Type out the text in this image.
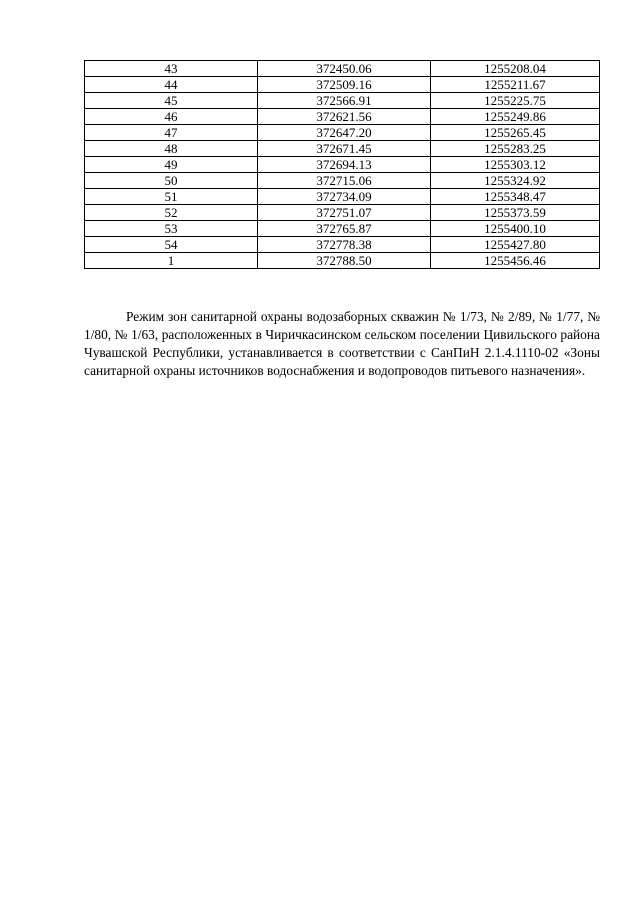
43	372450.06	1255208.04
44	372509.16	1255211.67
45	372566.91	1255225.75
46	372621.56	1255249.86
47	372647.20	1255265.45
48	372671.45	1255283.25
49	372694.13	1255303.12
50	372715.06	1255324.92
51	372734.09	1255348.47
52	372751.07	1255373.59
53	372765.87	1255400.10
54	372778.38	1255427.80
1	372788.50	1255456.46

Режим зон санитарной охраны водозаборных скважин № 1/73, № 2/89, № 1/77, № 1/80, № 1/63, расположенных в Чиричкасинском сельском поселении Цивильского района Чувашской Республики, устанавливается в соответствии с СанПиН 2.1.4.1110-02 «Зоны санитарной охраны источников водоснабжения и водопроводов питьевого назначения».
